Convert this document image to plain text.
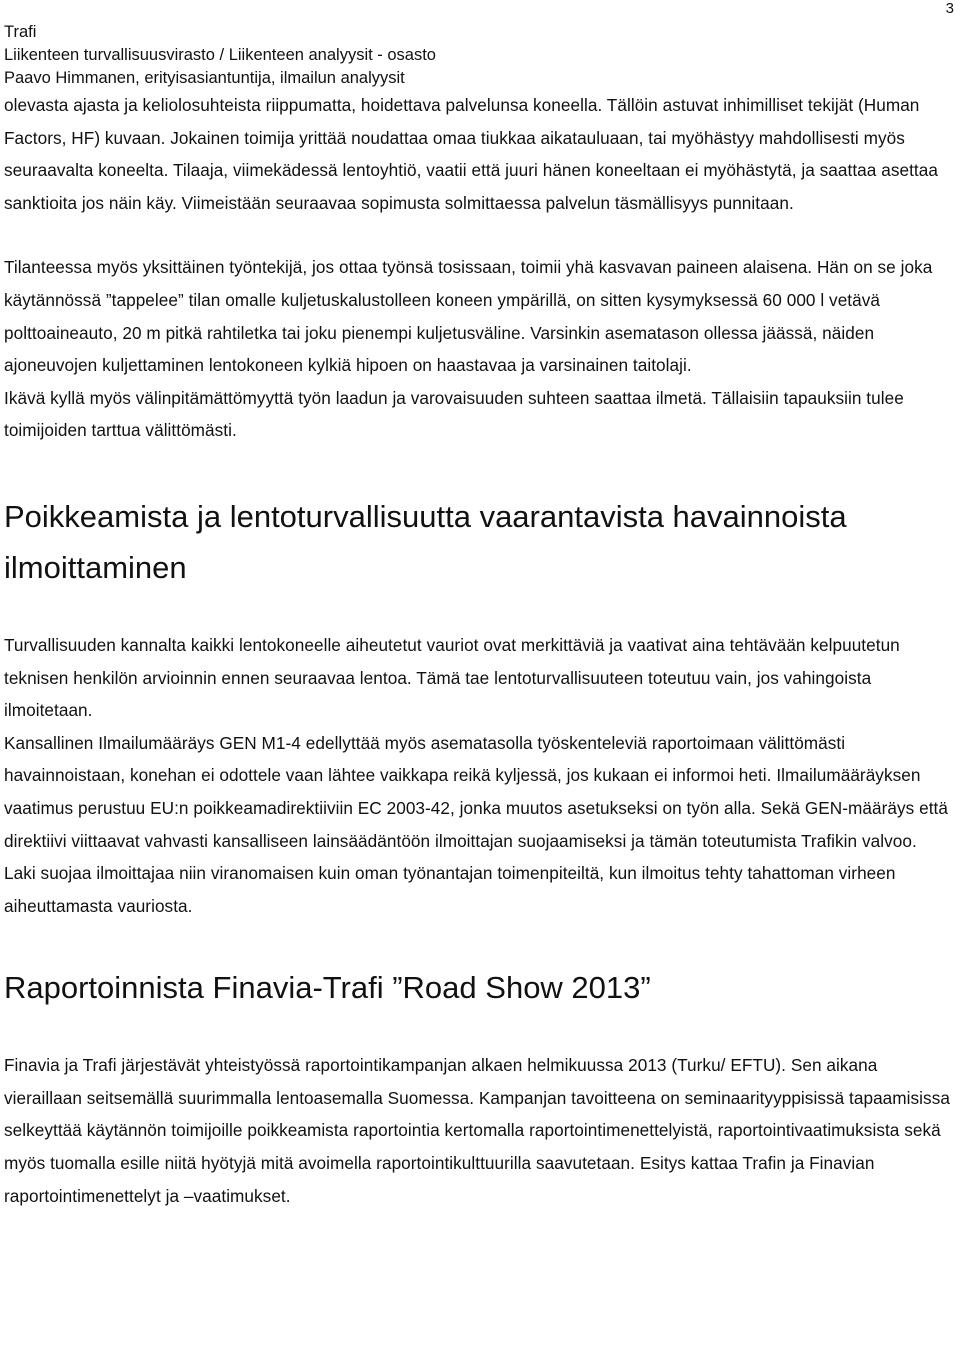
3
Trafi
Liikenteen turvallisuusvirasto / Liikenteen analyysit - osasto
Paavo Himmanen, erityisasiantuntija, ilmailun analyysit

olevasta ajasta ja keliolosuhteista riippumatta, hoidettava palvelunsa koneella. Tällöin astuvat inhimilliset tekijät (Human Factors, HF) kuvaan. Jokainen toimija yrittää noudattaa omaa tiukkaa aikatauluaan, tai myöhästyy mahdollisesti myös seuraavalta koneelta. Tilaaja, viimekädessä lentoyhtiö, vaatii että juuri hänen koneeltaan ei myöhästytä, ja saattaa asettaa sanktioita jos näin käy. Viimeistään seuraavaa sopimusta solmittaessa palvelun täsmällisyys punnitaan.

Tilanteessa myös yksittäinen työntekijä, jos ottaa työnsä tosissaan, toimii yhä kasvavan paineen alaisena. Hän on se joka käytännössä ”tappelee” tilan omalle kuljetuskalustolleen koneen ympärillä, on sitten kysymyksessä 60 000 l vetävä polttoaineauto, 20 m pitkä rahtiletka tai joku pienempi kuljetusväline. Varsinkin asematason ollessa jäässä, näiden ajoneuvojen kuljettaminen lentokoneen kylkiä hipoen on haastavaa ja varsinainen taitolaji.

Ikävä kyllä myös välinpitämättömyyttä työn laadun ja varovaisuuden suhteen saattaa ilmetä. Tällaisiin tapauksiin tulee toimijoiden tarttua välittömästi.

Poikkeamista ja lentoturvallisuutta vaarantavista havainnoista ilmoittaminen

Turvallisuuden kannalta kaikki lentokoneelle aiheutetut vauriot ovat merkittäviä ja vaativat aina tehtävään kelpuutetun teknisen henkilön arvioinnin ennen seuraavaa lentoa. Tämä tae lentoturvallisuuteen toteutuu vain, jos vahingoista ilmoitetaan.

Kansallinen Ilmailumääräys GEN M1-4 edellyttää myös asematasolla työskenteleviä raportoimaan välittömästi havainnoistaan, konehan ei odottele vaan lähtee vaikkapa reikä kyljessä, jos kukaan ei informoi heti. Ilmailumääräyksen vaatimus perustuu EU:n poikkeamadirektiiviin EC 2003-42, jonka muutos asetukseksi on työn alla. Sekä GEN-määräys että direktiivi viittaavat vahvasti kansalliseen lainsäädäntöön ilmoittajan suojaamiseksi ja tämän toteutumista Trafikin valvoo.

Laki suojaa ilmoittajaa niin viranomaisen kuin oman työnantajan toimenpiteiltä, kun ilmoitus tehty tahattoman virheen aiheuttamasta vauriosta.

Raportoinnista Finavia-Trafi ”Road Show 2013”

Finavia ja Trafi järjestävät yhteistyössä raportointikampanjan alkaen helmikuussa 2013 (Turku/ EFTU). Sen aikana vieraillaan seitsemällä suurimmalla lentoasemalla Suomessa. Kampanjan tavoitteena on seminaarityyppisissä tapaamisissa selkeyttää käytännön toimijoille poikkeamista raportointia kertomalla raportointimenettelyistä, raportointivaatimuksista sekä myös tuomalla esille niitä hyötyjä mitä avoimella raportointikulttuurilla saavutetaan. Esitys kattaa Trafin ja Finavian raportointimenettelyt ja –vaatimukset.
